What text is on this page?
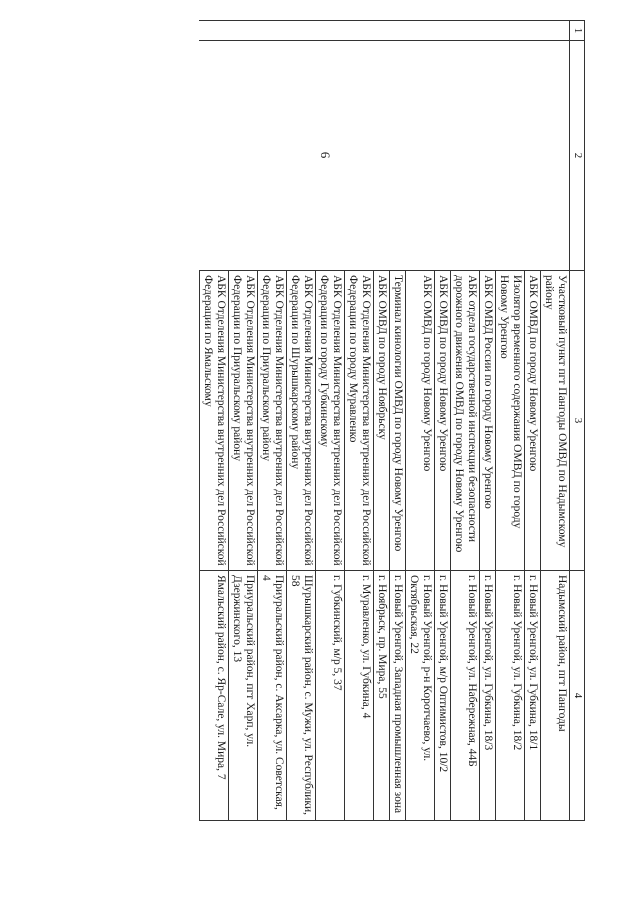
6
1	2	3	4
		Участковый пункт пгт Пангоды ОМВД по Надымскому району	Надымский район, пгт Пангоды
		АБК ОМВД по городу Новому Уренгою	г. Новый Уренгой, ул. Губкина, 18/1
		Изолятор временного содержания ОМВД по городу Новому Уренгою	г. Новый Уренгой, ул. Губкина, 18/2
		АБК ОМВД России по городу Новому Уренгою	г. Новый Уренгой, ул. Губкина, 18/3
		АБК отдела государственной инспекции безопасности дорожного движения ОМВД по городу Новому Уренгою	г. Новый Уренгой, ул. Набережная, 44Б
		АБК ОМВД по городу Новому Уренгою	г. Новый Уренгой, м/р Оптимистов, 10/2
		АБК ОМВД по городу Новому Уренгою	г. Новый Уренгой, р-н Коротчаево, ул. Октябрьская, 22
		Терминал кинологии ОМВД по городу Новому Уренгою	г. Новый Уренгой, Западная промышленная зона
		АБК ОМВД по городу Ноябрьску	г. Ноябрьск, пр. Мира, 55
		АБК Отделения Министерства внутренних дел Российской Федерации по городу Муравленко	г. Муравленко, ул. Губкина, 4
		АБК Отделения Министерства внутренних дел Российской Федерации по городу Губкинскому	г. Губкинский, м/р 5, 37
		АБК Отделения Министерства внутренних дел Российской Федерации по Шурышкарскому району	Шурышкарский район, с. Мужи, ул. Республики, 58
		АБК Отделения Министерства внутренних дел Российской Федерации по Приуральскому району	Приуральский район, с. Аксарка, ул. Советская, 4
		АБК Отделения Министерства внутренних дел Российской Федерации по Приуральскому району	Приуральский район, пгт Харп, ул. Дзержинского, 13
		АБК Отделения Министерства внутренних дел Российской Федерации по Ямальскому	Ямальский район, с. Яр-Сале, ул. Мира, 7
